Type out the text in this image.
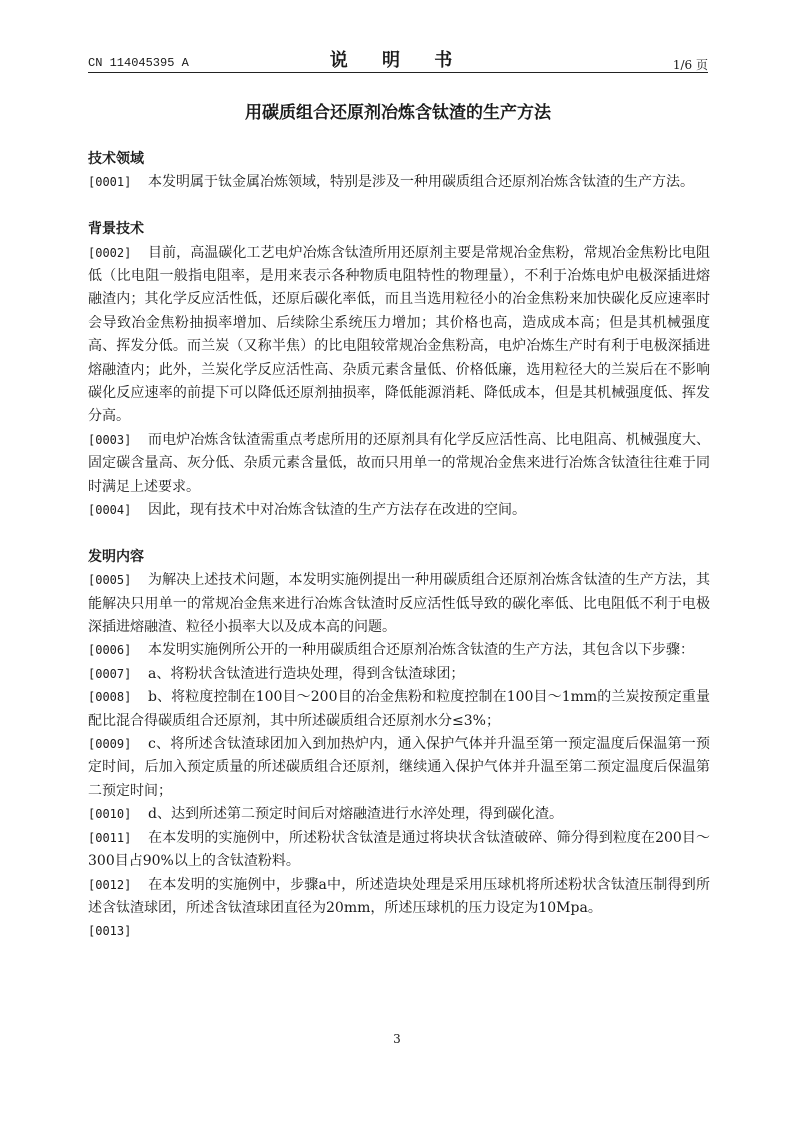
CN 114045395 A	说 明 书	1/6 页
用碳质组合还原剂冶炼含钛渣的生产方法
技术领域

[0001] 本发明属于钛金属冶炼领域，特别是涉及一种用碳质组合还原剂冶炼含钛渣的生产方法。

背景技术

[0002] 目前，高温碳化工艺电炉冶炼含钛渣所用还原剂主要是常规冶金焦粉，常规冶金焦粉比电阻低（比电阻一般指电阻率，是用来表示各种物质电阻特性的物理量），不利于冶炼电炉电极深插进熔融渣内；其化学反应活性低，还原后碳化率低，而且当选用粒径小的冶金焦粉来加快碳化反应速率时会导致冶金焦粉抽损率增加、后续除尘系统压力增加；其价格也高，造成成本高；但是其机械强度高、挥发分低。而兰炭（又称半焦）的比电阻较常规冶金焦粉高，电炉冶炼生产时有利于电极深插进熔融渣内；此外，兰炭化学反应活性高、杂质元素含量低、价格低廉，选用粒径大的兰炭后在不影响碳化反应速率的前提下可以降低还原剂抽损率，降低能源消耗、降低成本，但是其机械强度低、挥发分高。

[0003] 而电炉冶炼含钛渣需重点考虑所用的还原剂具有化学反应活性高、比电阻高、机械强度大、固定碳含量高、灰分低、杂质元素含量低，故而只用单一的常规冶金焦来进行冶炼含钛渣往往难于同时满足上述要求。

[0004] 因此，现有技术中对冶炼含钛渣的生产方法存在改进的空间。

发明内容

[0005] 为解决上述技术问题，本发明实施例提出一种用碳质组合还原剂冶炼含钛渣的生产方法，其能解决只用单一的常规冶金焦来进行冶炼含钛渣时反应活性低导致的碳化率低、比电阻低不利于电极深插进熔融渣、粒径小损率大以及成本高的问题。

[0006] 本发明实施例所公开的一种用碳质组合还原剂冶炼含钛渣的生产方法，其包含以下步骤：

[0007] a、将粉状含钛渣进行造块处理，得到含钛渣球团；

[0008] b、将粒度控制在100目～200目的冶金焦粉和粒度控制在100目～1mm的兰炭按预定重量配比混合得碳质组合还原剂，其中所述碳质组合还原剂水分≤3%；

[0009] c、将所述含钛渣球团加入到加热炉内，通入保护气体并升温至第一预定温度后保温第一预定时间，后加入预定质量的所述碳质组合还原剂，继续通入保护气体并升温至第二预定温度后保温第二预定时间；

[0010] d、达到所述第二预定时间后对熔融渣进行水淬处理，得到碳化渣。

[0011] 在本发明的实施例中，所述粉状含钛渣是通过将块状含钛渣破碎、筛分得到粒度在200目～300目占90%以上的含钛渣粉料。

[0012] 在本发明的实施例中，步骤a中，所述造块处理是采用压球机将所述粉状含钛渣压制得到所述含钛渣球团，所述含钛渣球团直径为20mm，所述压球机的压力设定为10Mpa。

[0013]

3
